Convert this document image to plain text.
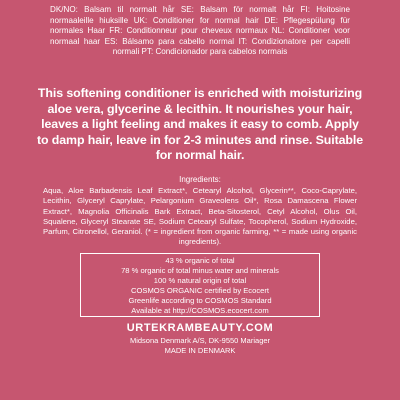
DK/NO: Balsam til normalt hår SE: Balsam för normalt hår FI: Hoitosine normaaleille hiuksille UK: Conditioner for normal hair DE: Pflegespülung für normales Haar FR: Conditionneur pour cheveux normaux NL: Conditioner voor normaal haar ES: Bálsamo para cabello normal IT: Condizionatore per capelli normali PT: Condicionador para cabelos normais
This softening conditioner is enriched with moisturizing aloe vera, glycerine & lecithin. It nourishes your hair, leaves a light feeling and makes it easy to comb. Apply to damp hair, leave in for 2-3 minutes and rinse. Suitable for normal hair.
Ingredients:
Aqua, Aloe Barbadensis Leaf Extract*, Cetearyl Alcohol, Glycerin**, Coco-Caprylate, Lecithin, Glyceryl Caprylate, Pelargonium Graveolens Oil*, Rosa Damascena Flower Extract*, Magnolia Officinalis Bark Extract, Beta-Sitosterol, Cetyl Alcohol, Olus Oil, Squalene, Glyceryl Stearate SE, Sodium Cetearyl Sulfate, Tocopherol, Sodium Hydroxide, Parfum, Citronellol, Geraniol. (* = ingredient from organic farming, ** = made using organic ingredients).
43 % organic of total
78 % organic of total minus water and minerals
100 % natural origin of total
COSMOS ORGANIC certified by Ecocert
Greenlife according to COSMOS Standard
Available at http://COSMOS.ecocert.com
URTEKRAMBEAUTY.COM
Midsona Denmark A/S, DK-9550 Mariager
MADE IN DENMARK
